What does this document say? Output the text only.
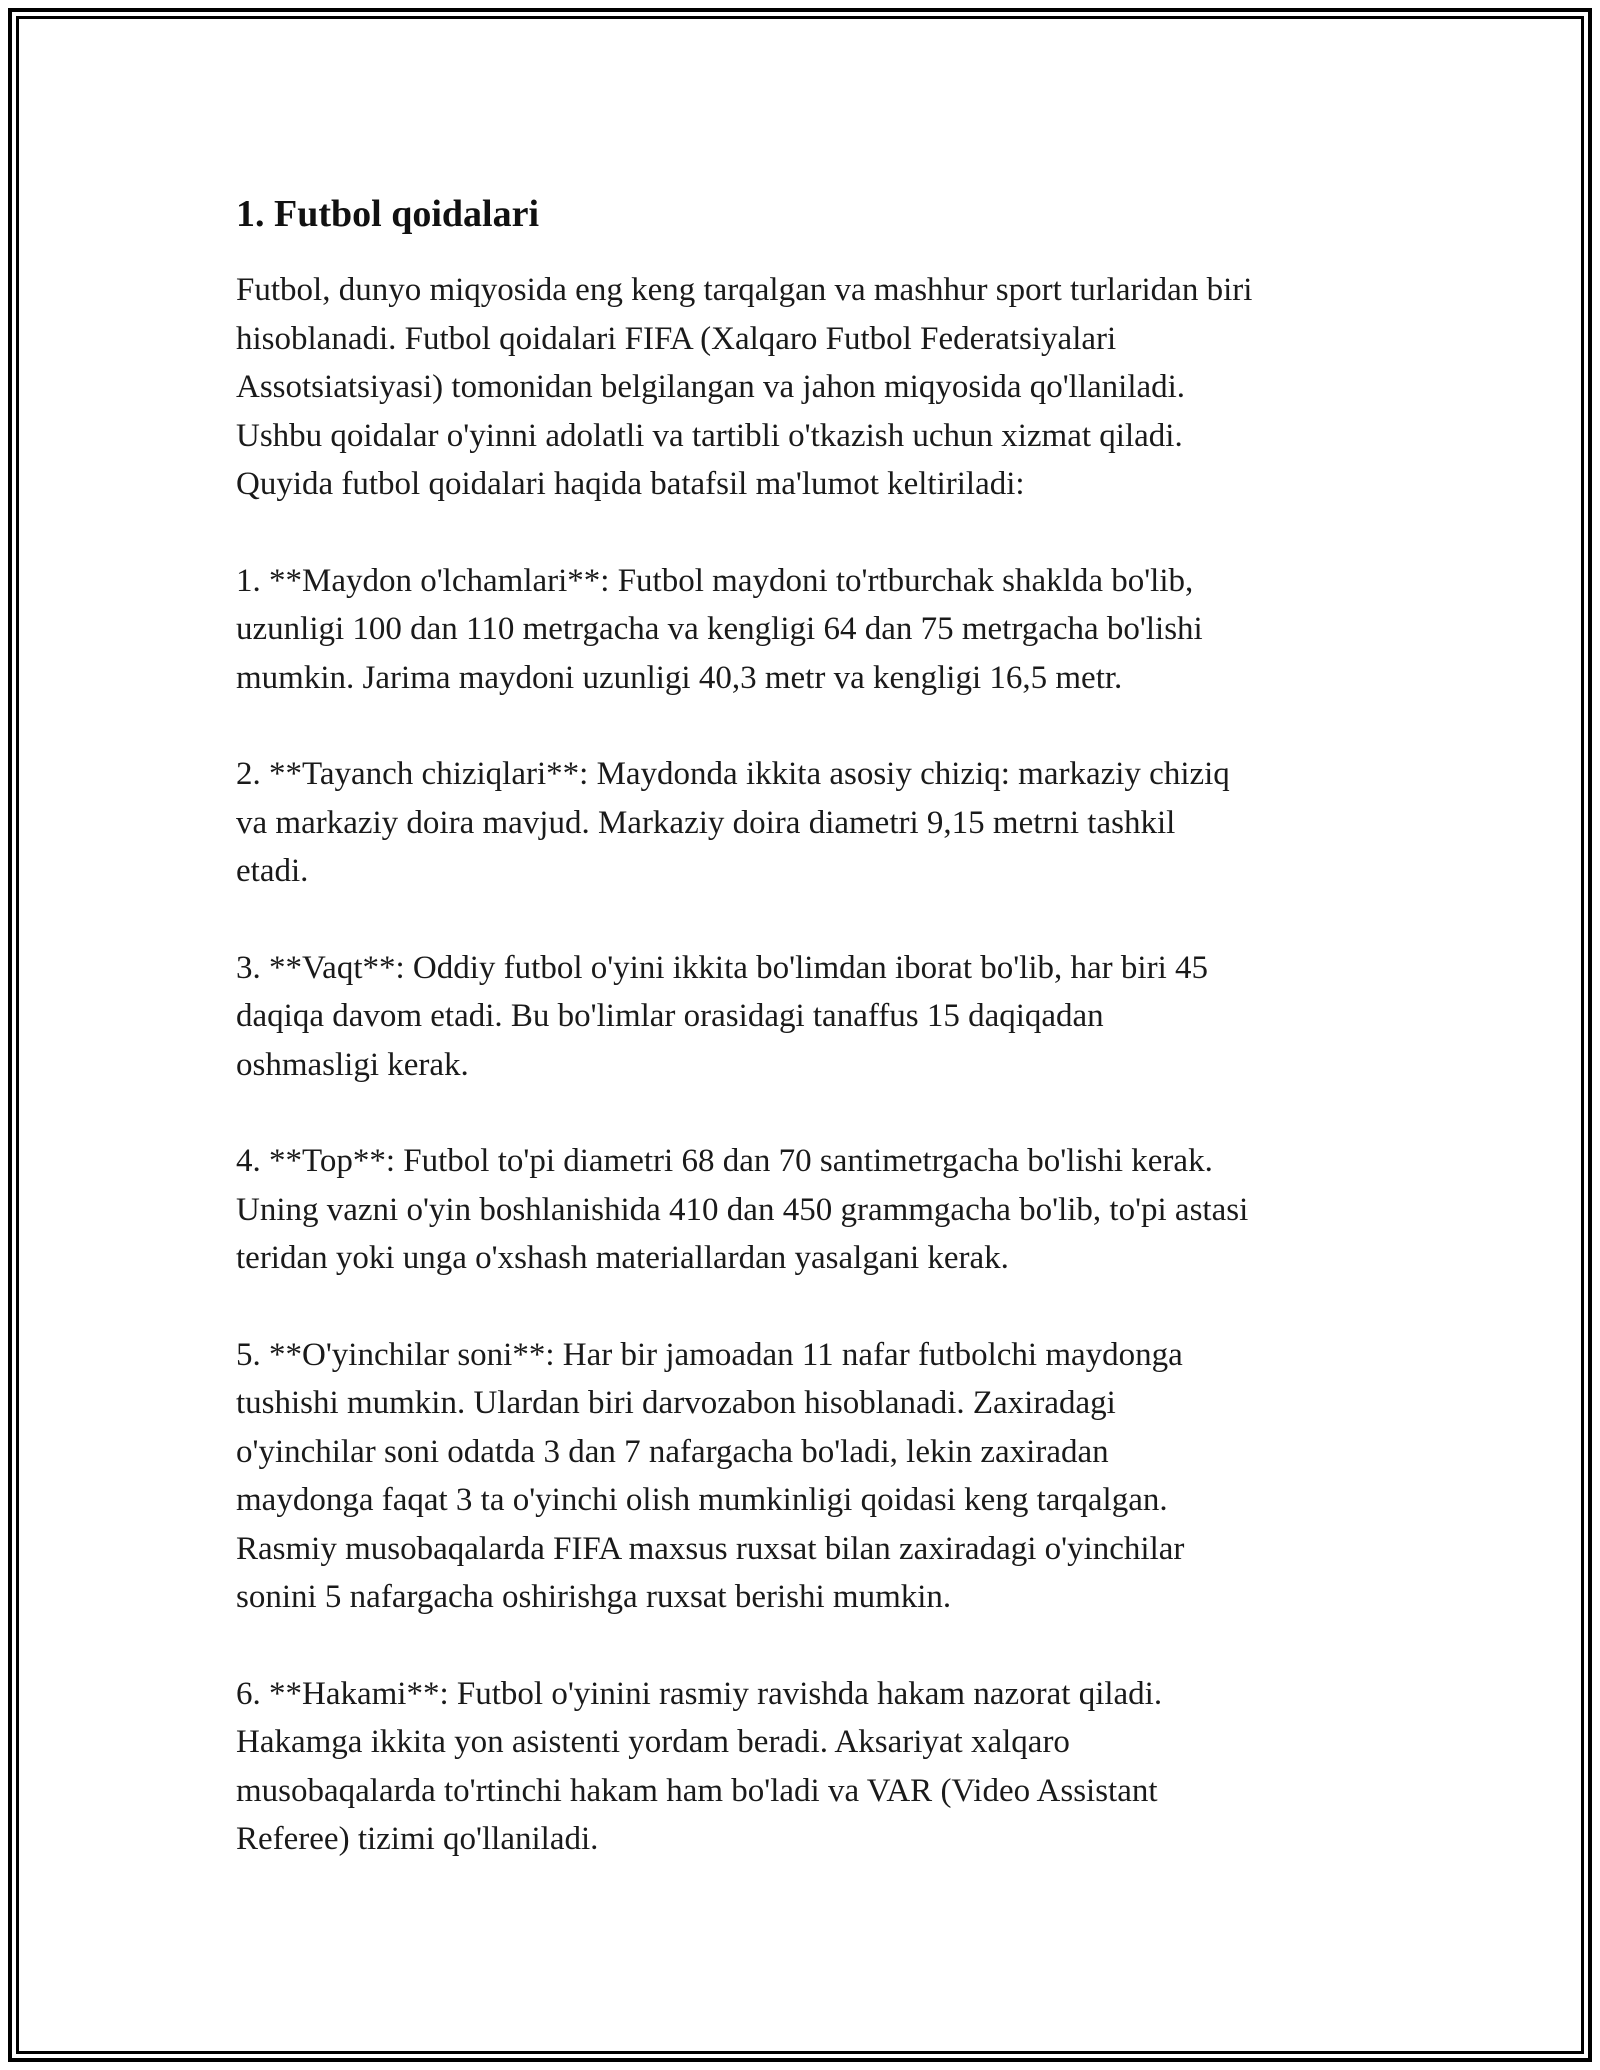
1. Futbol qoidalari

Futbol, dunyo miqyosida eng keng tarqalgan va mashhur sport turlaridan biri
hisoblanadi. Futbol qoidalari FIFA (Xalqaro Futbol Federatsiyalari
Assotsiatsiyasi) tomonidan belgilangan va jahon miqyosida qo'llaniladi.
Ushbu qoidalar o'yinni adolatli va tartibli o'tkazish uchun xizmat qiladi.
Quyida futbol qoidalari haqida batafsil ma'lumot keltiriladi:

1. **Maydon o'lchamlari**: Futbol maydoni to'rtburchak shaklda bo'lib,
uzunligi 100 dan 110 metrgacha va kengligi 64 dan 75 metrgacha bo'lishi
mumkin. Jarima maydoni uzunligi 40,3 metr va kengligi 16,5 metr.

2. **Tayanch chiziqlari**: Maydonda ikkita asosiy chiziq: markaziy chiziq
va markaziy doira mavjud. Markaziy doira diametri 9,15 metrni tashkil
etadi.

3. **Vaqt**: Oddiy futbol o'yini ikkita bo'limdan iborat bo'lib, har biri 45
daqiqa davom etadi. Bu bo'limlar orasidagi tanaffus 15 daqiqadan
oshmasligi kerak.

4. **Top**: Futbol to'pi diametri 68 dan 70 santimetrgacha bo'lishi kerak.
Uning vazni o'yin boshlanishida 410 dan 450 grammgacha bo'lib, to'pi astasi
teridan yoki unga o'xshash materiallardan yasalgani kerak.

5. **O'yinchilar soni**: Har bir jamoadan 11 nafar futbolchi maydonga
tushishi mumkin. Ulardan biri darvozabon hisoblanadi. Zaxiradagi
o'yinchilar soni odatda 3 dan 7 nafargacha bo'ladi, lekin zaxiradan
maydonga faqat 3 ta o'yinchi olish mumkinligi qoidasi keng tarqalgan.
Rasmiy musobaqalarda FIFA maxsus ruxsat bilan zaxiradagi o'yinchilar
sonini 5 nafargacha oshirishga ruxsat berishi mumkin.

6. **Hakami**: Futbol o'yinini rasmiy ravishda hakam nazorat qiladi.
Hakamga ikkita yon asistenti yordam beradi. Aksariyat xalqaro
musobaqalarda to'rtinchi hakam ham bo'ladi va VAR (Video Assistant
Referee) tizimi qo'llaniladi.
